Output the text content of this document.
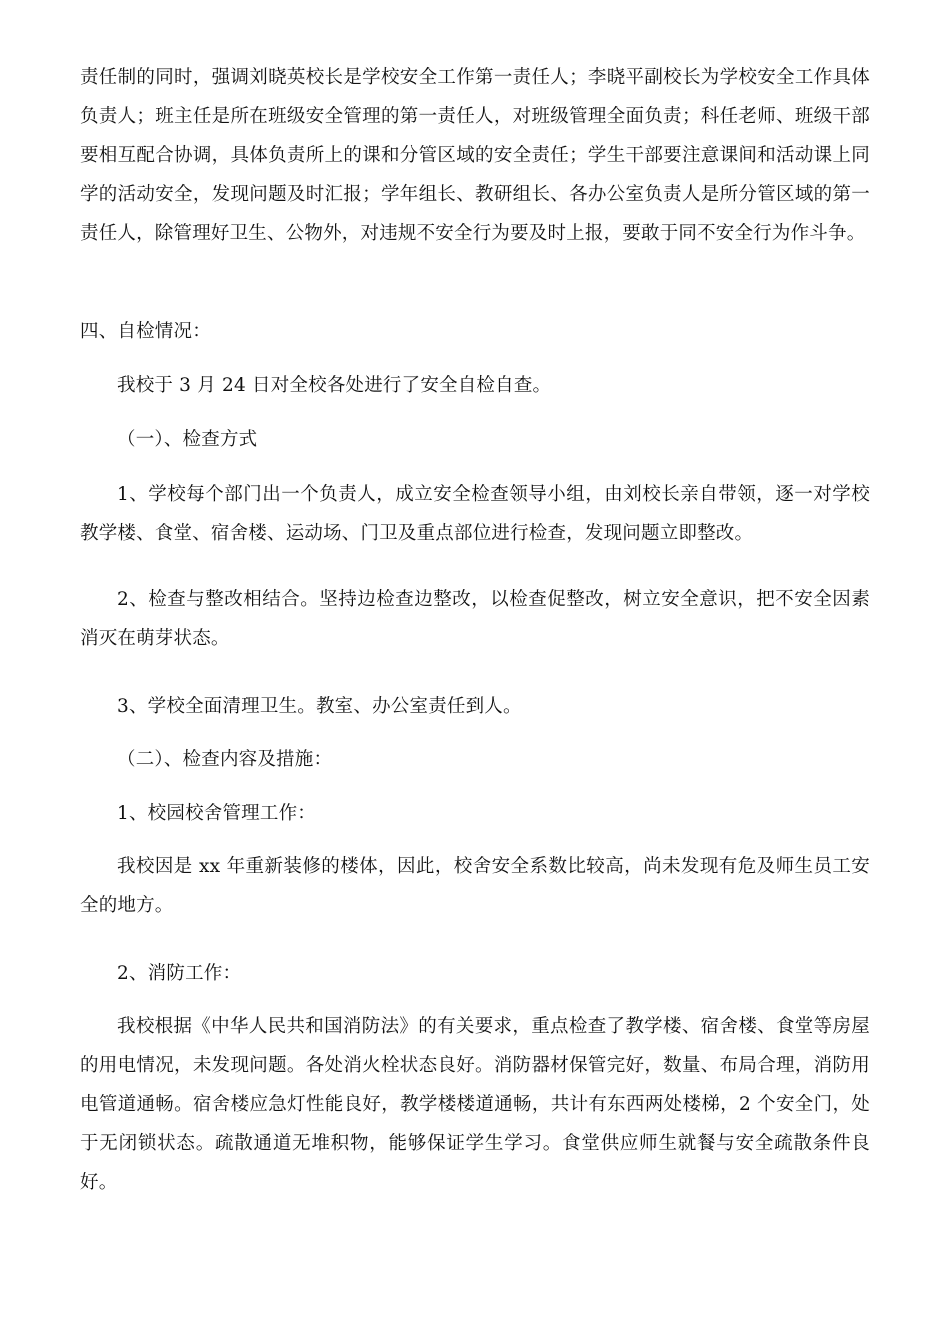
责任制的同时，强调刘晓英校长是学校安全工作第一责任人；李晓平副校长为学校安全工作具体负责人；班主任是所在班级安全管理的第一责任人，对班级管理全面负责；科任老师、班级干部要相互配合协调，具体负责所上的课和分管区域的安全责任；学生干部要注意课间和活动课上同学的活动安全，发现问题及时汇报；学年组长、教研组长、各办公室负责人是所分管区域的第一责任人，除管理好卫生、公物外，对违规不安全行为要及时上报，要敢于同不安全行为作斗争。

四、自检情况：

我校于 3 月 24 日对全校各处进行了安全自检自查。

（一）、检查方式

1、学校每个部门出一个负责人，成立安全检查领导小组，由刘校长亲自带领，逐一对学校教学楼、食堂、宿舍楼、运动场、门卫及重点部位进行检查，发现问题立即整改。

2、检查与整改相结合。坚持边检查边整改，以检查促整改，树立安全意识，把不安全因素消灭在萌芽状态。

3、学校全面清理卫生。教室、办公室责任到人。

（二）、检查内容及措施：

1、校园校舍管理工作：

我校因是 xx 年重新装修的楼体，因此，校舍安全系数比较高，尚未发现有危及师生员工安全的地方。

2、消防工作：

我校根据《中华人民共和国消防法》的有关要求，重点检查了教学楼、宿舍楼、食堂等房屋的用电情况，未发现问题。各处消火栓状态良好。消防器材保管完好，数量、布局合理，消防用电管道通畅。宿舍楼应急灯性能良好，教学楼楼道通畅，共计有东西两处楼梯，2 个安全门，处于无闭锁状态。疏散通道无堆积物，能够保证学生学习。食堂供应师生就餐与安全疏散条件良好。
